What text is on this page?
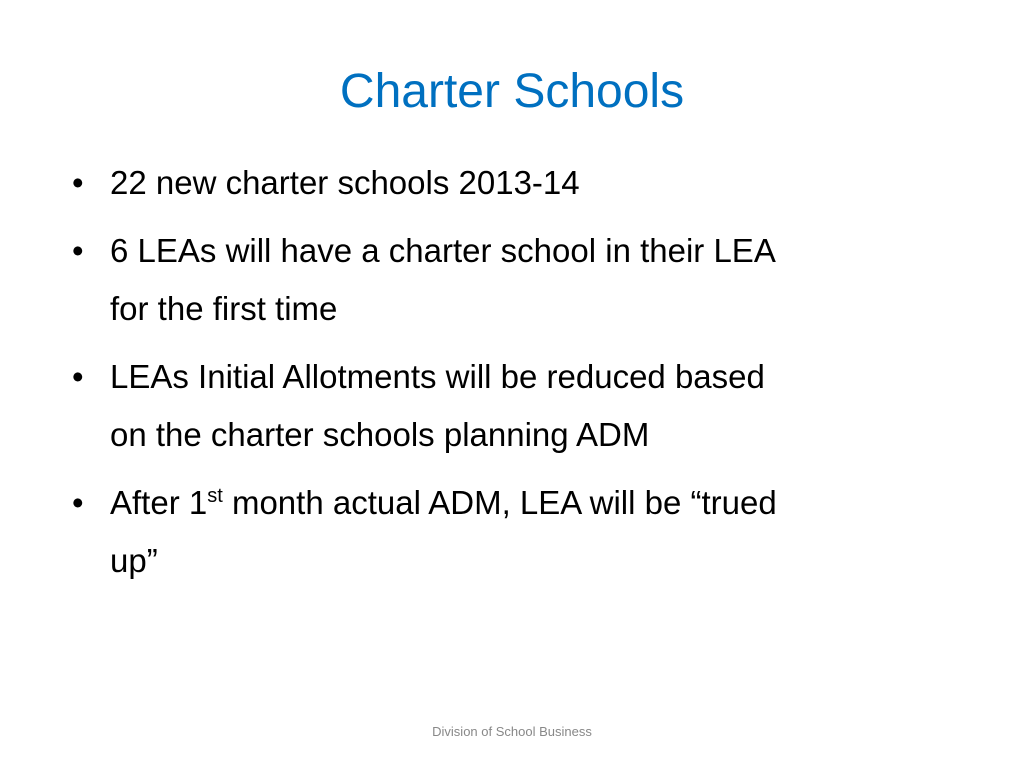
Charter Schools
• 22 new charter schools 2013-14
• 6 LEAs will have a charter school in their LEA
for the first time
• LEAs Initial Allotments will be reduced based
on the charter schools planning ADM
• After 1st month actual ADM, LEA will be “trued
up”
Division of School Business
